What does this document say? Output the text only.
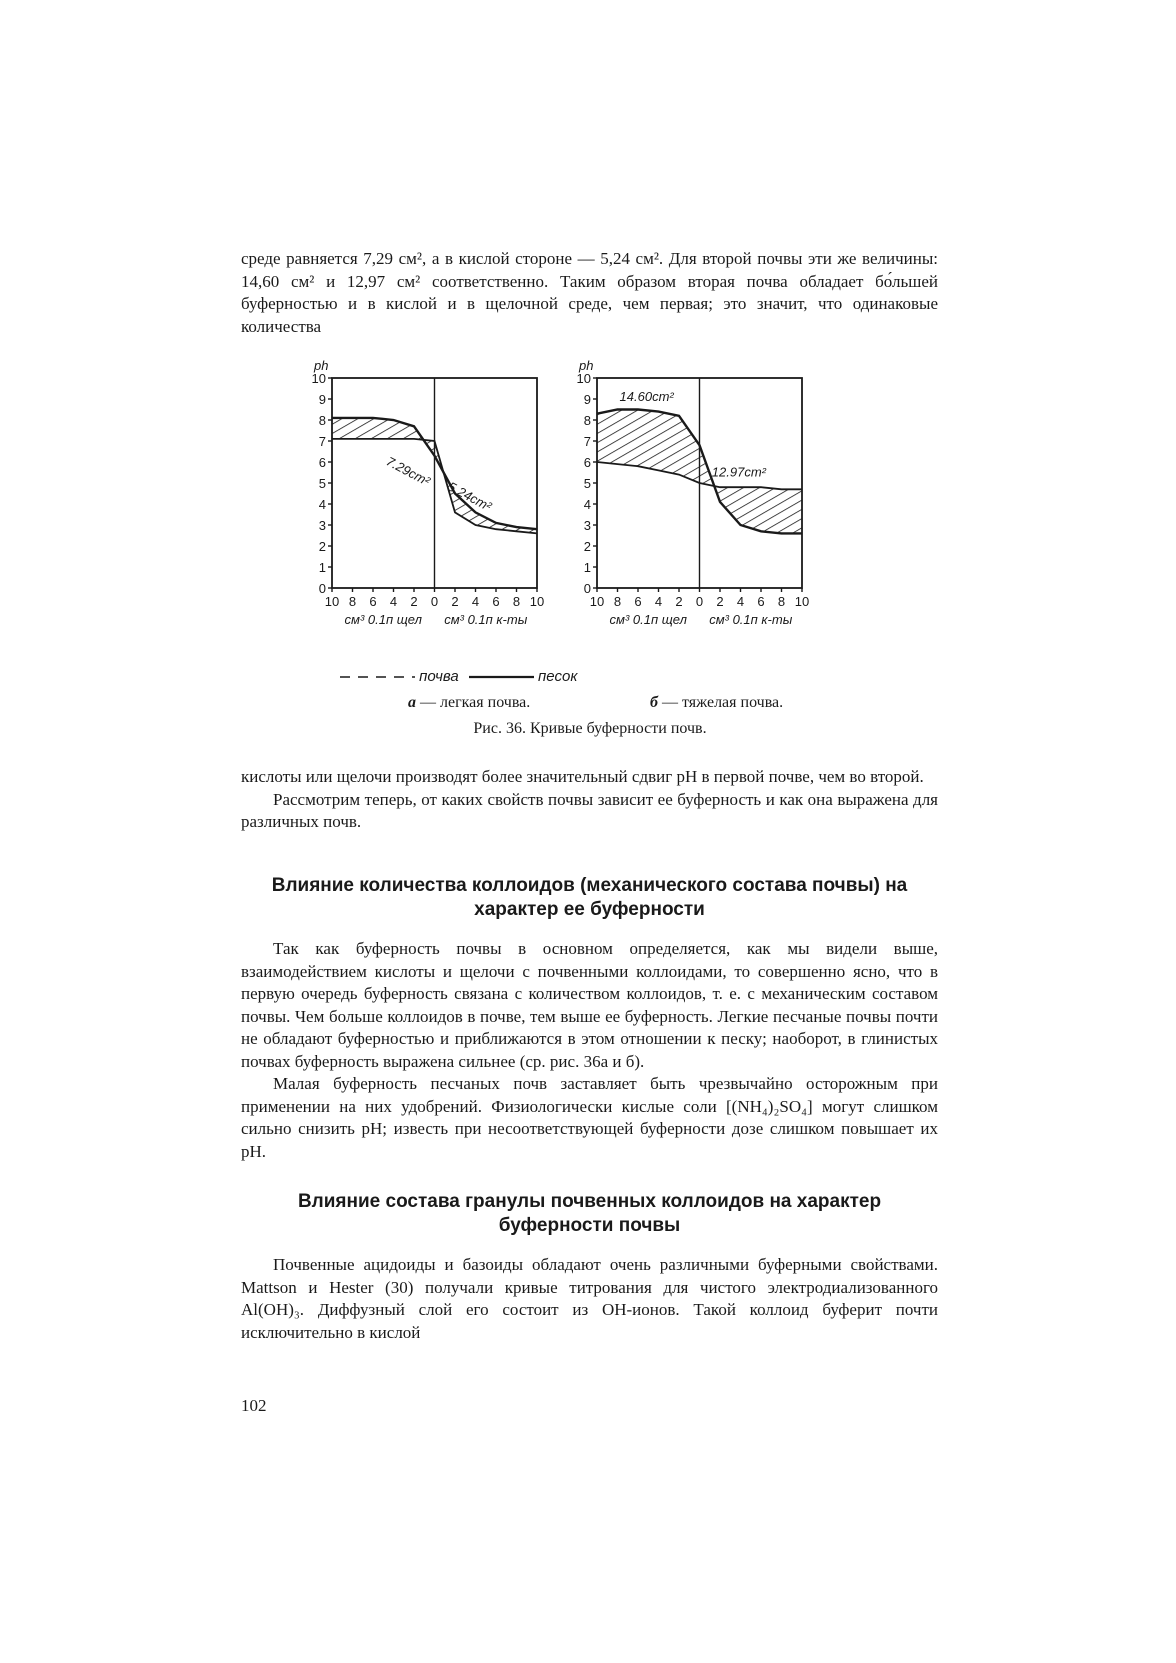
среде равняется 7,29 см², а в кислой стороне — 5,24 см². Для второй почвы эти же величины: 14,60 см² и 12,97 см² соответственно. Таким образом вторая почва обладает бо́льшей буферностью и в кислой и в щелочной среде, чем первая; это значит, что одинаковые количества

10
9
8
7
6
5
4
3
2
1
0
ph
10 8 6 4 2 0 2 4 6 8 10
см³ 0.1п щел см³ 0.1п к-ты
7.29cm²
5.24cm²
10
9
8
7
6
5
4
3
2
1
0
ph
10 8 6 4 2 0 2 4 6 8 10
см³ 0.1п щел см³ 0.1п к-ты
14.60cm²
12.97cm²
почва	песок
а — легкая почва.	б — тяжелая почва.
Рис. 36. Кривые буферности почв.

кислоты или щелочи производят более значительный сдвиг pH в первой почве, чем во второй.

Рассмотрим теперь, от каких свойств почвы зависит ее буферность и как она выражена для различных почв.

Влияние количества коллоидов (механического состава почвы) на характер ее буферности

Так как буферность почвы в основном определяется, как мы видели выше, взаимодействием кислоты и щелочи с почвенными коллоидами, то совершенно ясно, что в первую очередь буферность связана с количеством коллоидов, т. е. с механическим составом почвы. Чем больше коллоидов в почве, тем выше ее буферность. Легкие песчаные почвы почти не обладают буферностью и приближаются в этом отношении к песку; наоборот, в глинистых почвах буферность выражена сильнее (ср. рис. 36а и б).

Малая буферность песчаных почв заставляет быть чрезвычайно осторожным при применении на них удобрений. Физиологически кислые соли [(NH₄)₂SO₄] могут слишком сильно снизить pH; известь при несоответствующей буферности дозе слишком повышает их pH.

Влияние состава гранулы почвенных коллоидов на характер буферности почвы

Почвенные ацидоиды и базоиды обладают очень различными буферными свойствами. Mattson и Hester (30) получали кривые титрования для чистого электродиализованного Al(OH)₃. Диффузный слой его состоит из OH-ионов. Такой коллоид буферит почти исключительно в кислой

102
